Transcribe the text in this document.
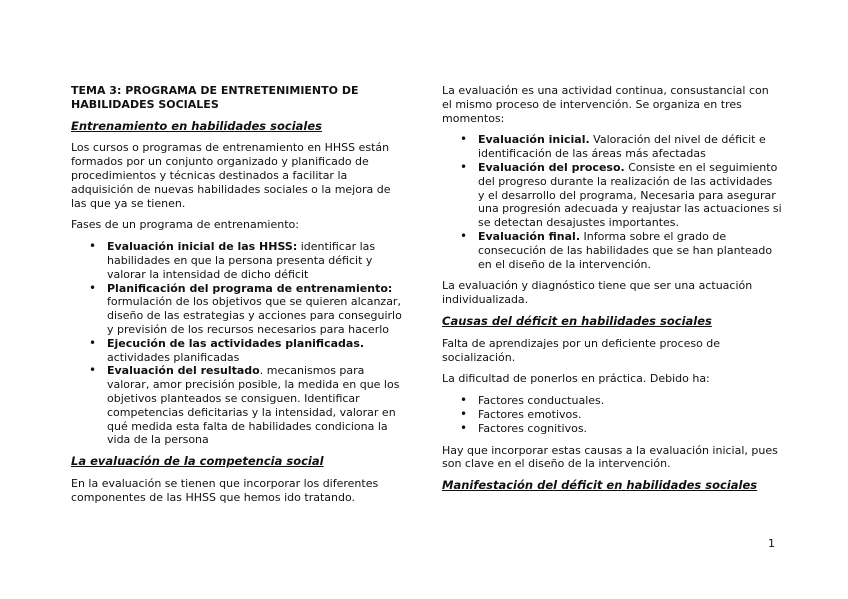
TEMA 3: PROGRAMA DE ENTRETENIMIENTO DE HABILIDADES SOCIALES

Entrenamiento en habilidades sociales

Los cursos o programas de entrenamiento en HHSS están formados por un conjunto organizado y planificado de procedimientos y técnicas destinados a facilitar la adquisición de nuevas habilidades sociales o la mejora de las que ya se tienen.

Fases de un programa de entrenamiento:

• Evaluación inicial de las HHSS: identificar las habilidades en que la persona presenta déficit y valorar la intensidad de dicho déficit
• Planificación del programa de entrenamiento: formulación de los objetivos que se quieren alcanzar, diseño de las estrategias y acciones para conseguirlo y previsión de los recursos necesarios para hacerlo
• Ejecución de las actividades planificadas. actividades planificadas
• Evaluación del resultado. mecanismos para valorar, amor precisión posible, la medida en que los objetivos planteados se consiguen. Identificar competencias deficitarias y la intensidad, valorar en qué medida esta falta de habilidades condiciona la vida de la persona

La evaluación de la competencia social

En la evaluación se tienen que incorporar los diferentes componentes de las HHSS que hemos ido tratando.

La evaluación es una actividad continua, consustancial con el mismo proceso de intervención. Se organiza en tres momentos:

• Evaluación inicial. Valoración del nivel de déficit e identificación de las áreas más afectadas
• Evaluación del proceso. Consiste en el seguimiento del progreso durante la realización de las actividades y el desarrollo del programa, Necesaria para asegurar una progresión adecuada y reajustar las actuaciones si se detectan desajustes importantes.
• Evaluación final. Informa sobre el grado de consecución de las habilidades que se han planteado en el diseño de la intervención.

La evaluación y diagnóstico tiene que ser una actuación individualizada.

Causas del déficit en habilidades sociales

Falta de aprendizajes por un deficiente proceso de socialización.

La dificultad de ponerlos en práctica. Debido ha:

• Factores conductuales.
• Factores emotivos.
• Factores cognitivos.

Hay que incorporar estas causas a la evaluación inicial, pues son clave en el diseño de la intervención.

Manifestación del déficit en habilidades sociales

1
